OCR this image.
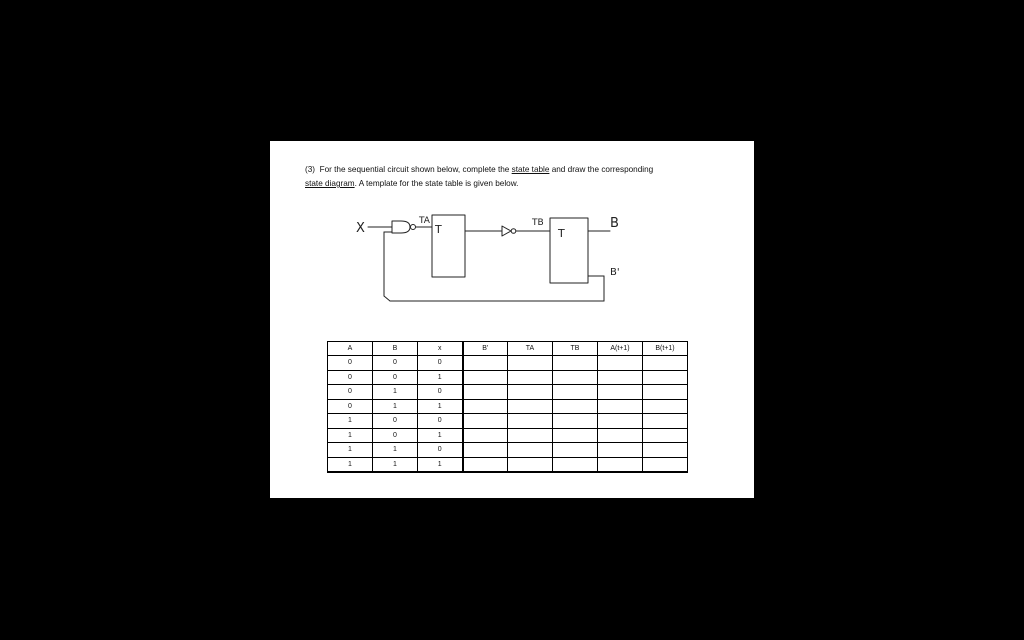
(3) For the sequential circuit shown below, complete the state table and draw the corresponding
state diagram. A template for the state table is given below.
X	TA
T	TB
T
B
B'
A	B	x	B'	TA	TB	A(t+1)	B(t+1)
0	0	0					
0	0	1					
0	1	0					
0	1	1					
1	0	0					
1	0	1					
1	1	0					
1	1	1					
